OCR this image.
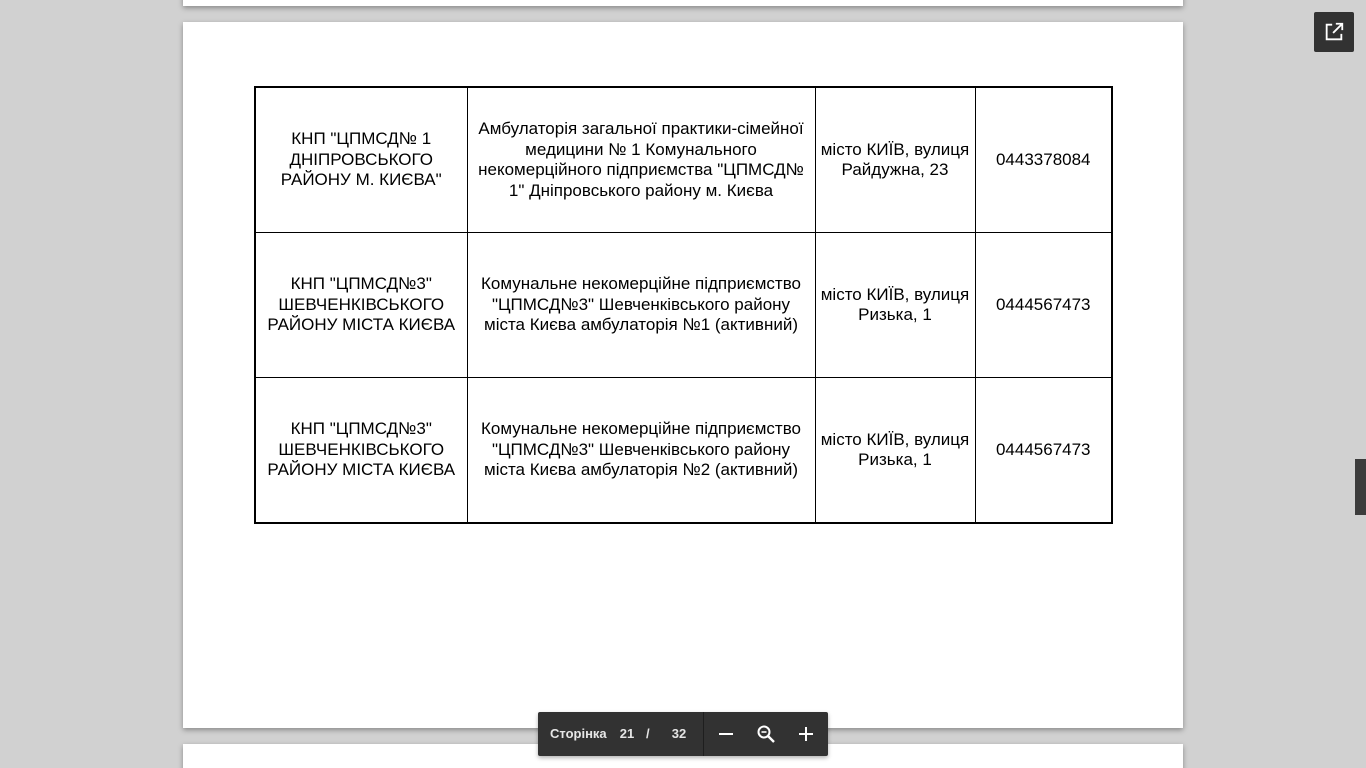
КНП "ЦПМСД№ 1 ДНІПРОВСЬКОГО РАЙОНУ М. КИЄВА"	Амбулаторія загальної практики-сімейної медицини № 1 Комунального некомерційного підприємства "ЦПМСД№ 1" Дніпровського району м. Києва	місто КИЇВ, вулиця Райдужна, 23	0443378084
КНП "ЦПМСД№3" ШЕВЧЕНКІВСЬКОГО РАЙОНУ МІСТА КИЄВА	Комунальне некомерційне підприємство "ЦПМСД№3" Шевченківського району міста Києва амбулаторія №1 (активний)	місто КИЇВ, вулиця Ризька, 1	0444567473
КНП "ЦПМСД№3" ШЕВЧЕНКІВСЬКОГО РАЙОНУ МІСТА КИЄВА	Комунальне некомерційне підприємство "ЦПМСД№3" Шевченківського району міста Києва амбулаторія №2 (активний)	місто КИЇВ, вулиця Ризька, 1	0444567473
Сторінка	21 /	32
